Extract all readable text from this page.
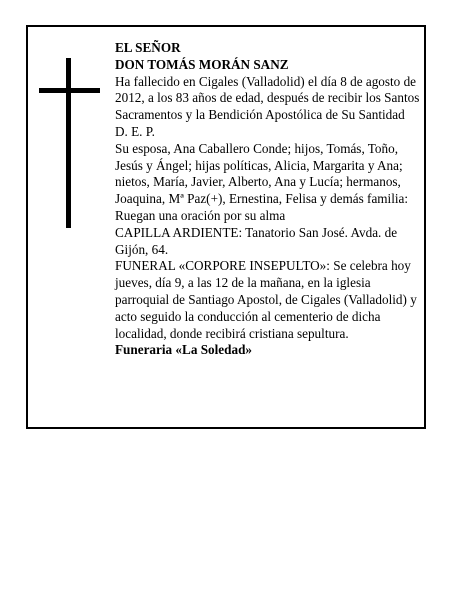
EL SEÑOR

DON TOMÁS MORÁN SANZ

Ha fallecido en Cigales (Valladolid) el día 8 de agosto de 2012, a los 83 años de edad, después de recibir los Santos Sacramentos y la Bendición Apostólica de Su Santidad

D. E. P.

Su esposa, Ana Caballero Conde; hijos, Tomás, Toño, Jesús y Ángel; hijas políticas, Alicia, Margarita y Ana; nietos, María, Javier, Alberto, Ana y Lucía; hermanos, Joaquina, Mª Paz(+), Ernestina, Felisa y demás familia:

Ruegan una oración por su alma

CAPILLA ARDIENTE: Tanatorio San José. Avda. de Gijón, 64.

FUNERAL «CORPORE INSEPULTO»: Se celebra hoy jueves, día 9, a las 12 de la mañana, en la iglesia parroquial de Santiago Apostol, de Cigales (Valladolid) y acto seguido la conducción al cementerio de dicha localidad, donde recibirá cristiana sepultura.

Funeraria «La Soledad»
